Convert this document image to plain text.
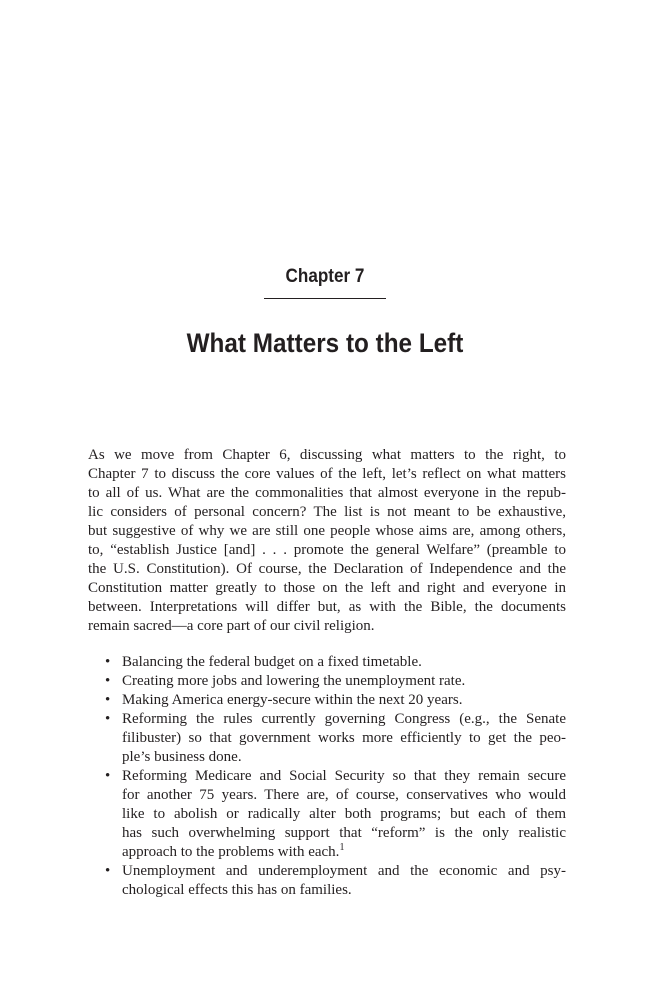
Chapter 7
What Matters to the Left

As we move from Chapter 6, discussing what matters to the right, to
Chapter 7 to discuss the core values of the left, let’s reflect on what matters
to all of us. What are the commonalities that almost everyone in the repub-
lic considers of personal concern? The list is not meant to be exhaustive,
but suggestive of why we are still one people whose aims are, among others,
to, “establish Justice [and] . . . promote the general Welfare” (preamble to
the U.S. Constitution). Of course, the Declaration of Independence and the
Constitution matter greatly to those on the left and right and everyone in
between. Interpretations will differ but, as with the Bible, the documents
remain sacred—a core part of our civil religion.

• Balancing the federal budget on a fixed timetable.
• Creating more jobs and lowering the unemployment rate.
• Making America energy-secure within the next 20 years.
• Reforming the rules currently governing Congress (e.g., the Senate
filibuster) so that government works more efficiently to get the peo-
ple’s business done.
• Reforming Medicare and Social Security so that they remain secure
for another 75 years. There are, of course, conservatives who would
like to abolish or radically alter both programs; but each of them
has such overwhelming support that “reform” is the only realistic
approach to the problems with each.$^1$
• Unemployment and underemployment and the economic and psy-
chological effects this has on families.
